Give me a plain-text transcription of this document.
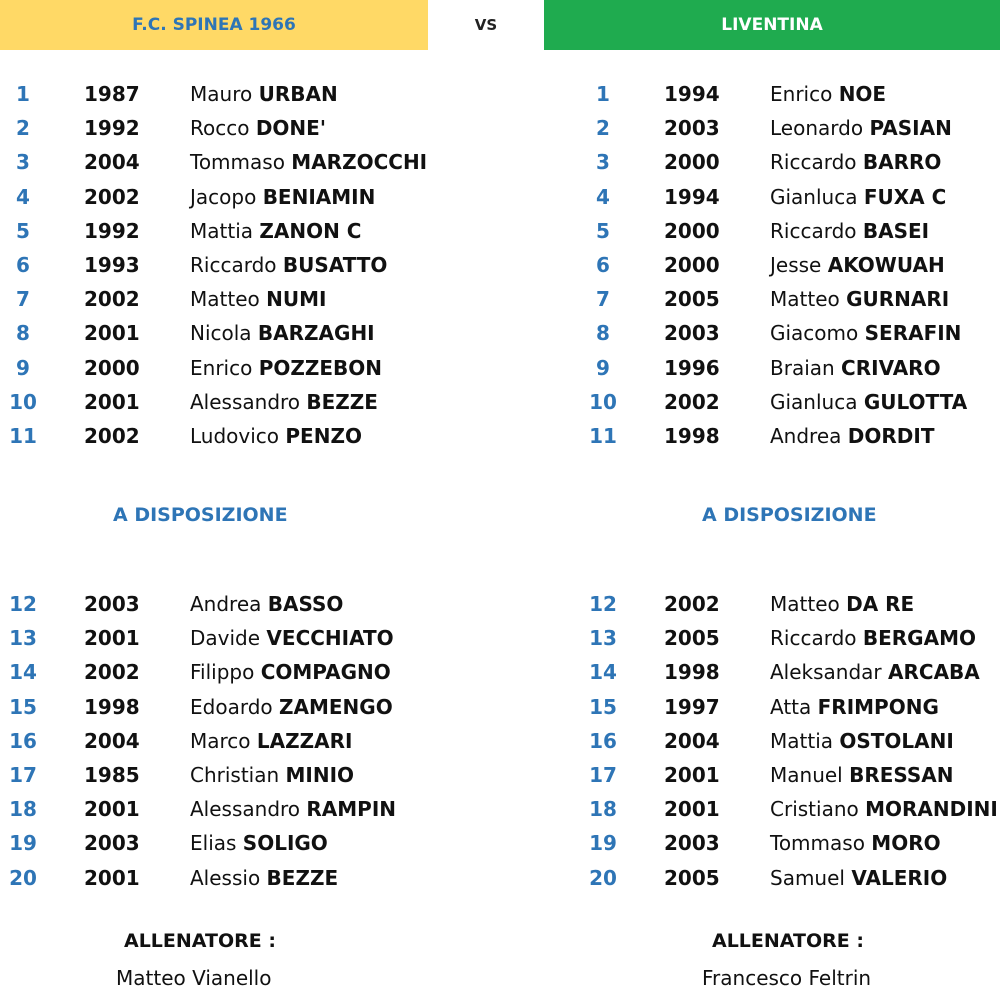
F.C. SPINEA 1966	VS	LIVENTINA
1	1987	Mauro URBAN
2	1992	Rocco DONE'
3	2004	Tommaso MARZOCCHI
4	2002	Jacopo BENIAMIN
5	1992	Mattia ZANON C
6	1993	Riccardo BUSATTO
7	2002	Matteo NUMI
8	2001	Nicola BARZAGHI
9	2000	Enrico POZZEBON
10	2001	Alessandro BEZZE
11	2002	Ludovico PENZO
A DISPOSIZIONE
12	2003	Andrea BASSO
13	2001	Davide VECCHIATO
14	2002	Filippo COMPAGNO
15	1998	Edoardo ZAMENGO
16	2004	Marco LAZZARI
17	1985	Christian MINIO
18	2001	Alessandro RAMPIN
19	2003	Elias SOLIGO
20	2001	Alessio BEZZE
ALLENATORE :
Matteo Vianello
1	1994	Enrico NOE
2	2003	Leonardo PASIAN
3	2000	Riccardo BARRO
4	1994	Gianluca FUXA C
5	2000	Riccardo BASEI
6	2000	Jesse AKOWUAH
7	2005	Matteo GURNARI
8	2003	Giacomo SERAFIN
9	1996	Braian CRIVARO
10	2002	Gianluca GULOTTA
11	1998	Andrea DORDIT
A DISPOSIZIONE
12	2002	Matteo DA RE
13	2005	Riccardo BERGAMO
14	1998	Aleksandar ARCABA
15	1997	Atta FRIMPONG
16	2004	Mattia OSTOLANI
17	2001	Manuel BRESSAN
18	2001	Cristiano MORANDINI
19	2003	Tommaso MORO
20	2005	Samuel VALERIO
ALLENATORE :
Francesco Feltrin
